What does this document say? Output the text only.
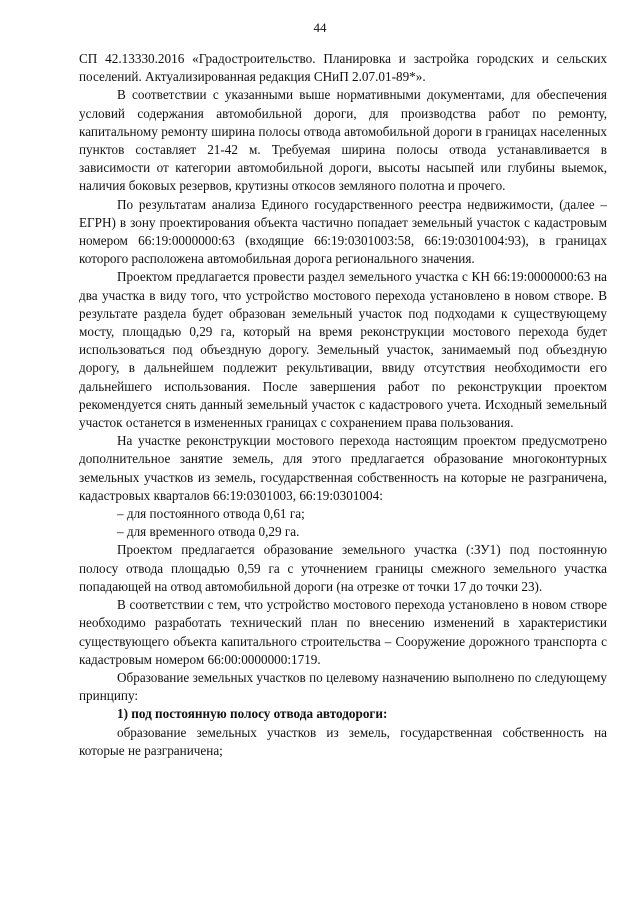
44

СП 42.13330.2016 «Градостроительство. Планировка и застройка городских и сельских поселений. Актуализированная редакция СНиП 2.07.01-89*».

В соответствии с указанными выше нормативными документами, для обеспечения условий содержания автомобильной дороги, для производства работ по ремонту, капитальному ремонту ширина полосы отвода автомобильной дороги в границах населенных пунктов составляет 21-42 м. Требуемая ширина полосы отвода устанавливается в зависимости от категории автомобильной дороги, высоты насыпей или глубины выемок, наличия боковых резервов, крутизны откосов земляного полотна и прочего.

По результатам анализа Единого государственного реестра недвижимости, (далее – ЕГРН) в зону проектирования объекта частично попадает земельный участок с кадастровым номером 66:19:0000000:63 (входящие 66:19:0301003:58, 66:19:0301004:93), в границах которого расположена автомобильная дорога регионального значения.

Проектом предлагается провести раздел земельного участка с КН 66:19:0000000:63 на два участка в виду того, что устройство мостового перехода установлено в новом створе. В результате раздела будет образован земельный участок под подходами к существующему мосту, площадью 0,29 га, который на время реконструкции мостового перехода будет использоваться под объездную дорогу. Земельный участок, занимаемый под объездную дорогу, в дальнейшем подлежит рекультивации, ввиду отсутствия необходимости его дальнейшего использования. После завершения работ по реконструкции проектом рекомендуется снять данный земельный участок с кадастрового учета. Исходный земельный участок останется в измененных границах с сохранением права пользования.

На участке реконструкции мостового перехода настоящим проектом предусмотрено дополнительное занятие земель, для этого предлагается образование многоконтурных земельных участков из земель, государственная собственность на которые не разграничена, кадастровых кварталов 66:19:0301003, 66:19:0301004:

– для постоянного отвода 0,61 га;

– для временного отвода 0,29 га.

Проектом предлагается образование земельного участка (:ЗУ1) под постоянную полосу отвода площадью 0,59 га с уточнением границы смежного земельного участка попадающей на отвод автомобильной дороги (на отрезке от точки 17 до точки 23).

В соответствии с тем, что устройство мостового перехода установлено в новом створе необходимо разработать технический план по внесению изменений в характеристики существующего объекта капитального строительства – Сооружение дорожного транспорта с кадастровым номером 66:00:0000000:1719.

Образование земельных участков по целевому назначению выполнено по следующему принципу:

1) под постоянную полосу отвода автодороги:

образование земельных участков из земель, государственная собственность на которые не разграничена;
